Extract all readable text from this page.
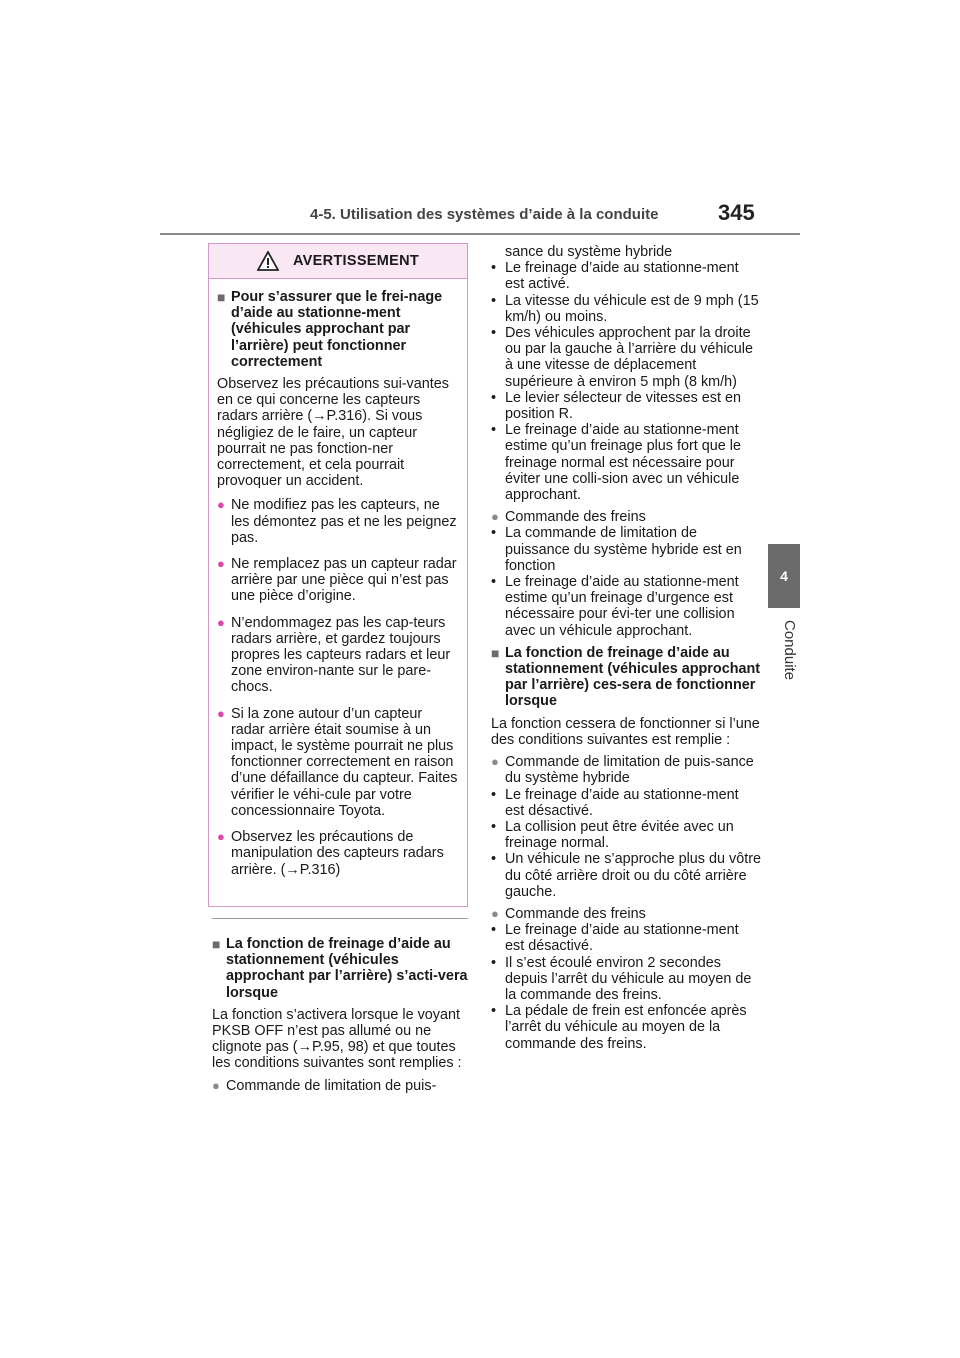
4-5. Utilisation des systèmes d’aide à la conduite	345
4
Conduite
AVERTISSEMENT
■ Pour s’assurer que le frei-nage d’aide au stationne-ment (véhicules approchant par l’arrière) peut fonctionner correctement

Observez les précautions sui-vantes en ce qui concerne les capteurs radars arrière (→P.316). Si vous négligiez de le faire, un capteur pourrait ne pas fonction-ner correctement, et cela pourrait provoquer un accident.

● Ne modifiez pas les capteurs, ne les démontez pas et ne les peignez pas.
● Ne remplacez pas un capteur radar arrière par une pièce qui n’est pas une pièce d’origine.
● N’endommagez pas les cap-teurs radars arrière, et gardez toujours propres les capteurs radars et leur zone environ-nante sur le pare-chocs.
● Si la zone autour d’un capteur radar arrière était soumise à un impact, le système pourrait ne plus fonctionner correctement en raison d’une défaillance du capteur. Faites vérifier le véhi-cule par votre concessionnaire Toyota.
● Observez les précautions de manipulation des capteurs radars arrière. (→P.316)
■ La fonction de freinage d’aide au stationnement (véhicules approchant par l’arrière) s’acti-vera lorsque

La fonction s’activera lorsque le voyant PKSB OFF n’est pas allumé ou ne clignote pas (→P.95, 98) et que toutes les conditions suivantes sont remplies :

● Commande de limitation de puis-
sance du système hybride
• Le freinage d’aide au stationne-ment est activé.
• La vitesse du véhicule est de 9 mph (15 km/h) ou moins.
• Des véhicules approchent par la droite ou par la gauche à l’arrière du véhicule à une vitesse de déplacement supérieure à environ 5 mph (8 km/h)
• Le levier sélecteur de vitesses est en position R.
• Le freinage d’aide au stationne-ment estime qu’un freinage plus fort que le freinage normal est nécessaire pour éviter une colli-sion avec un véhicule approchant.
● Commande des freins
• La commande de limitation de puissance du système hybride est en fonction
• Le freinage d’aide au stationne-ment estime qu’un freinage d’urgence est nécessaire pour évi-ter une collision avec un véhicule approchant.
■ La fonction de freinage d’aide au stationnement (véhicules approchant par l’arrière) ces-sera de fonctionner lorsque

La fonction cessera de fonctionner si l’une des conditions suivantes est remplie :

● Commande de limitation de puis-sance du système hybride
• Le freinage d’aide au stationne-ment est désactivé.
• La collision peut être évitée avec un freinage normal.
• Un véhicule ne s’approche plus du vôtre du côté arrière droit ou du côté arrière gauche.
● Commande des freins
• Le freinage d’aide au stationne-ment est désactivé.
• Il s’est écoulé environ 2 secondes depuis l’arrêt du véhicule au moyen de la commande des freins.
• La pédale de frein est enfoncée après l’arrêt du véhicule au moyen de la commande des freins.
